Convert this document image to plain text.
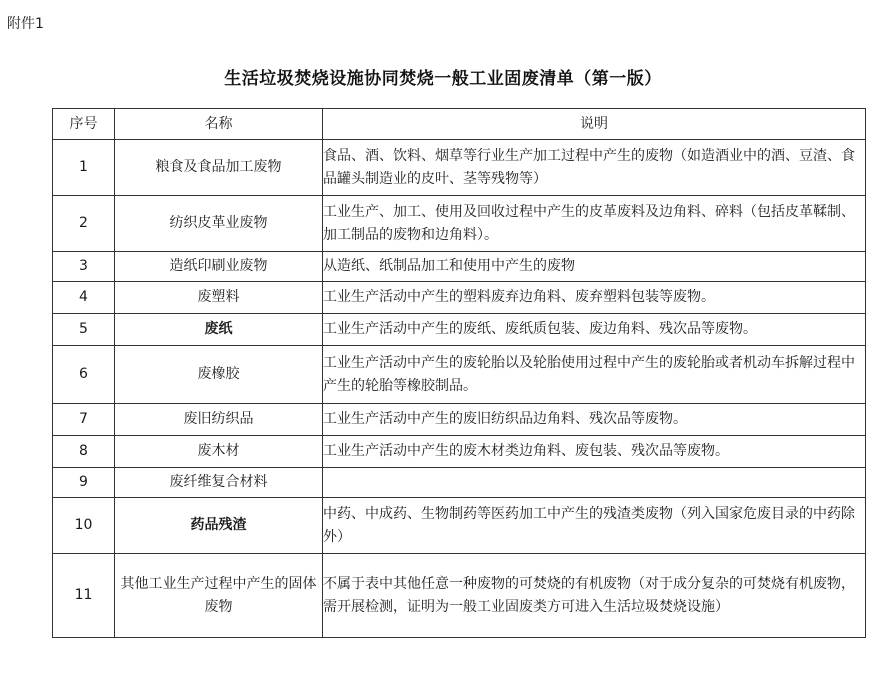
附件1
生活垃圾焚烧设施协同焚烧一般工业固废清单（第一版）
序号	名称	说明
1	粮食及食品加工废物	食品、酒、饮料、烟草等行业生产加工过程中产生的废物（如造酒业中的酒、豆渣、食品罐头制造业的皮叶、茎等残物等）
2	纺织皮革业废物	工业生产、加工、使用及回收过程中产生的皮革废料及边角料、碎料（包括皮革鞣制、加工制品的废物和边角料）。
3	造纸印刷业废物	从造纸、纸制品加工和使用中产生的废物
4	废塑料	工业生产活动中产生的塑料废弃边角料、废弃塑料包装等废物。
5	废纸	工业生产活动中产生的废纸、废纸质包装、废边角料、残次品等废物。
6	废橡胶	工业生产活动中产生的废轮胎以及轮胎使用过程中产生的废轮胎或者机动车拆解过程中产生的轮胎等橡胶制品。
7	废旧纺织品	工业生产活动中产生的废旧纺织品边角料、残次品等废物。
8	废木材	工业生产活动中产生的废木材类边角料、废包装、残次品等废物。
9	废纤维复合材料	
10	药品残渣	中药、中成药、生物制药等医药加工中产生的残渣类废物（列入国家危废目录的中药除外）
11	其他工业生产过程中产生的固体废物	不属于表中其他任意一种废物的可焚烧的有机废物（对于成分复杂的可焚烧有机废物，需开展检测，证明为一般工业固废类方可进入生活垃圾焚烧设施）
